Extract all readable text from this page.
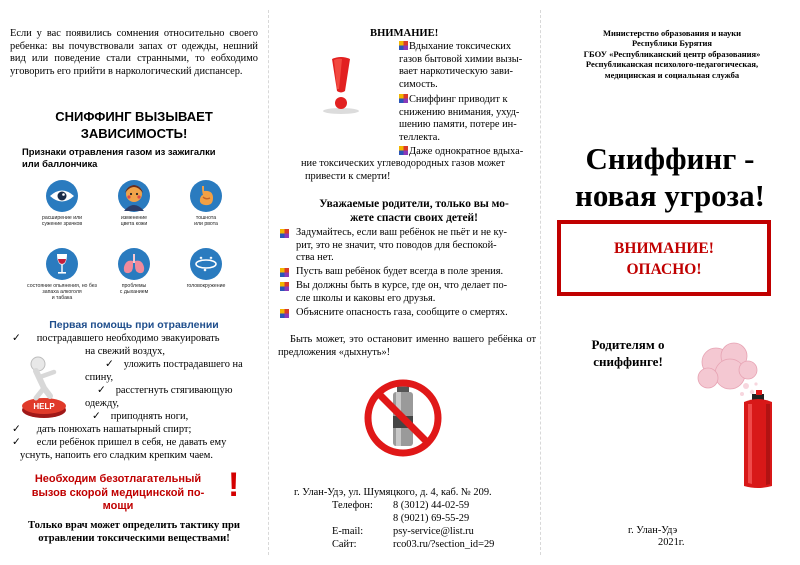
Если у вас появились сомнения относительно своего ребенка: вы почувствовали запах от одежды, нешний вид или поведение стали странными, то еобходимо уговорить его прийти в наркологический диспансер.
СНИФФИНГ ВЫЗЫВАЕТ
ЗАВИСИМОСТЬ!
Признаки отравления газом из зажигалки
или баллончика
расширение или
сужение зрачков
изменение
цвета кожи
тошнота
или рвота
состояние опьянения, но без
запаха алкоголя
и табака
проблемы
с дыханием
головокружение
Первая помощь при отравлении
✓ пострадавшего необходимо эвакуировать
на свежий воздух,
✓ уложить пострадавшего на
спину,
✓ расстегнуть стягивающую
одежду,
✓ приподнять ноги,
✓ дать понюхать нашатырный спирт;
✓ если ребёнок пришел в себя, не давать ему
уснуть, напоить его сладким крепким чаем.
HELP
Необходим безотлагательный
вызов скорой медицинской по-
мощи
!
Только врач может определить тактику при
отравлении токсическими веществами!
ВНИМАНИЕ!
Вдыхание токсических
газов бытовой химии вызы-
вает наркотическую зави-
симость.
Сниффинг приводит к
снижению внимания, ухуд-
шению памяти, потере ин-
теллекта.
Даже однократное вдыха-
ние токсических углеводородных газов может
привести к смерти!
Уважаемые родители, только вы мо-
жете спасти своих детей!
Задумайтесь, если ваш ребёнок не пьёт и не ку-
рит, это не значит, что поводов для беспокой-
ства нет.
Пусть ваш ребёнок будет всегда в поле зрения.
Вы должны быть в курсе, где он, что делает по-
сле школы и каковы его друзья.
Объясните опасность газа, сообщите о смертях.
Быть может, это остановит именно вашего ребёнка от предложения «дыхнуть»!
г. Улан-Удэ, ул. Шумяцкого, д. 4, каб. № 209.
Телефон: 8 (3012) 44-02-59
8 (9021) 69-55-29
E-mail:	psy-service@list.ru
Сайт:	rco03.ru/?section_id=29
Министерство образования и науки
Республики Бурятия
ГБОУ «Республиканский центр образования»
Республиканская психолого-педагогическая,
медицинская и социальная служба
Сниффинг -
новая угроза!
ВНИМАНИЕ!
ОПАСНО!
Родителям о
сниффинге!
г. Улан-Удэ
2021г.
